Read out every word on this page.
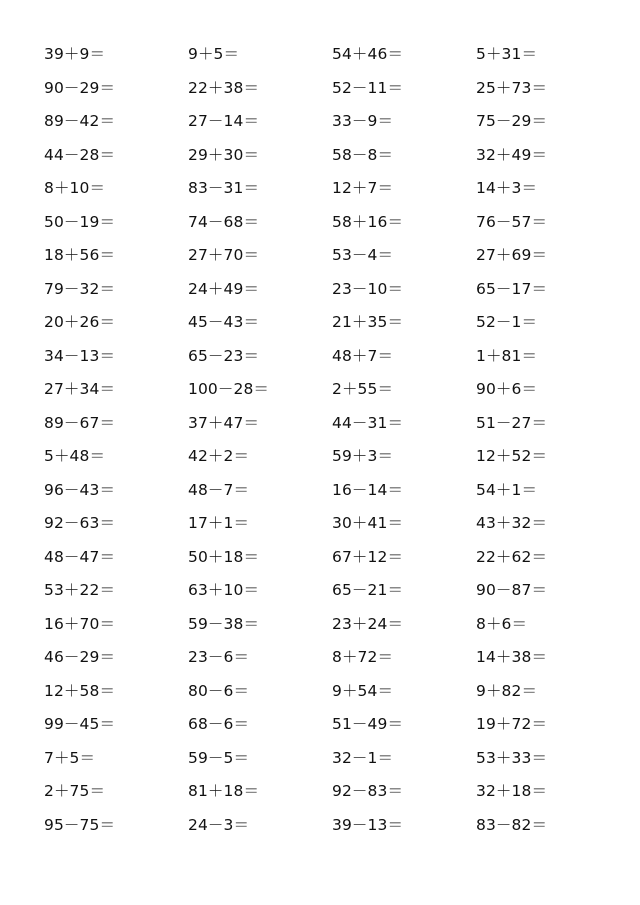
39＋9＝	9＋5＝	54＋46＝	5＋31＝
90－29＝	22＋38＝	52－11＝	25＋73＝
89－42＝	27－14＝	33－9＝	75－29＝
44－28＝	29＋30＝	58－8＝	32＋49＝
8＋10＝	83－31＝	12＋7＝	14＋3＝
50－19＝	74－68＝	58＋16＝	76－57＝
18＋56＝	27＋70＝	53－4＝	27＋69＝
79－32＝	24＋49＝	23－10＝	65－17＝
20＋26＝	45－43＝	21＋35＝	52－1＝
34－13＝	65－23＝	48＋7＝	1＋81＝
27＋34＝	100－28＝	2＋55＝	90＋6＝
89－67＝	37＋47＝	44－31＝	51－27＝
5＋48＝	42＋2＝	59＋3＝	12＋52＝
96－43＝	48－7＝	16－14＝	54＋1＝
92－63＝	17＋1＝	30＋41＝	43＋32＝
48－47＝	50＋18＝	67＋12＝	22＋62＝
53＋22＝	63＋10＝	65－21＝	90－87＝
16＋70＝	59－38＝	23＋24＝	8＋6＝
46－29＝	23－6＝	8＋72＝	14＋38＝
12＋58＝	80－6＝	9＋54＝	9＋82＝
99－45＝	68－6＝	51－49＝	19＋72＝
7＋5＝	59－5＝	32－1＝	53＋33＝
2＋75＝	81＋18＝	92－83＝	32＋18＝
95－75＝	24－3＝	39－13＝	83－82＝
